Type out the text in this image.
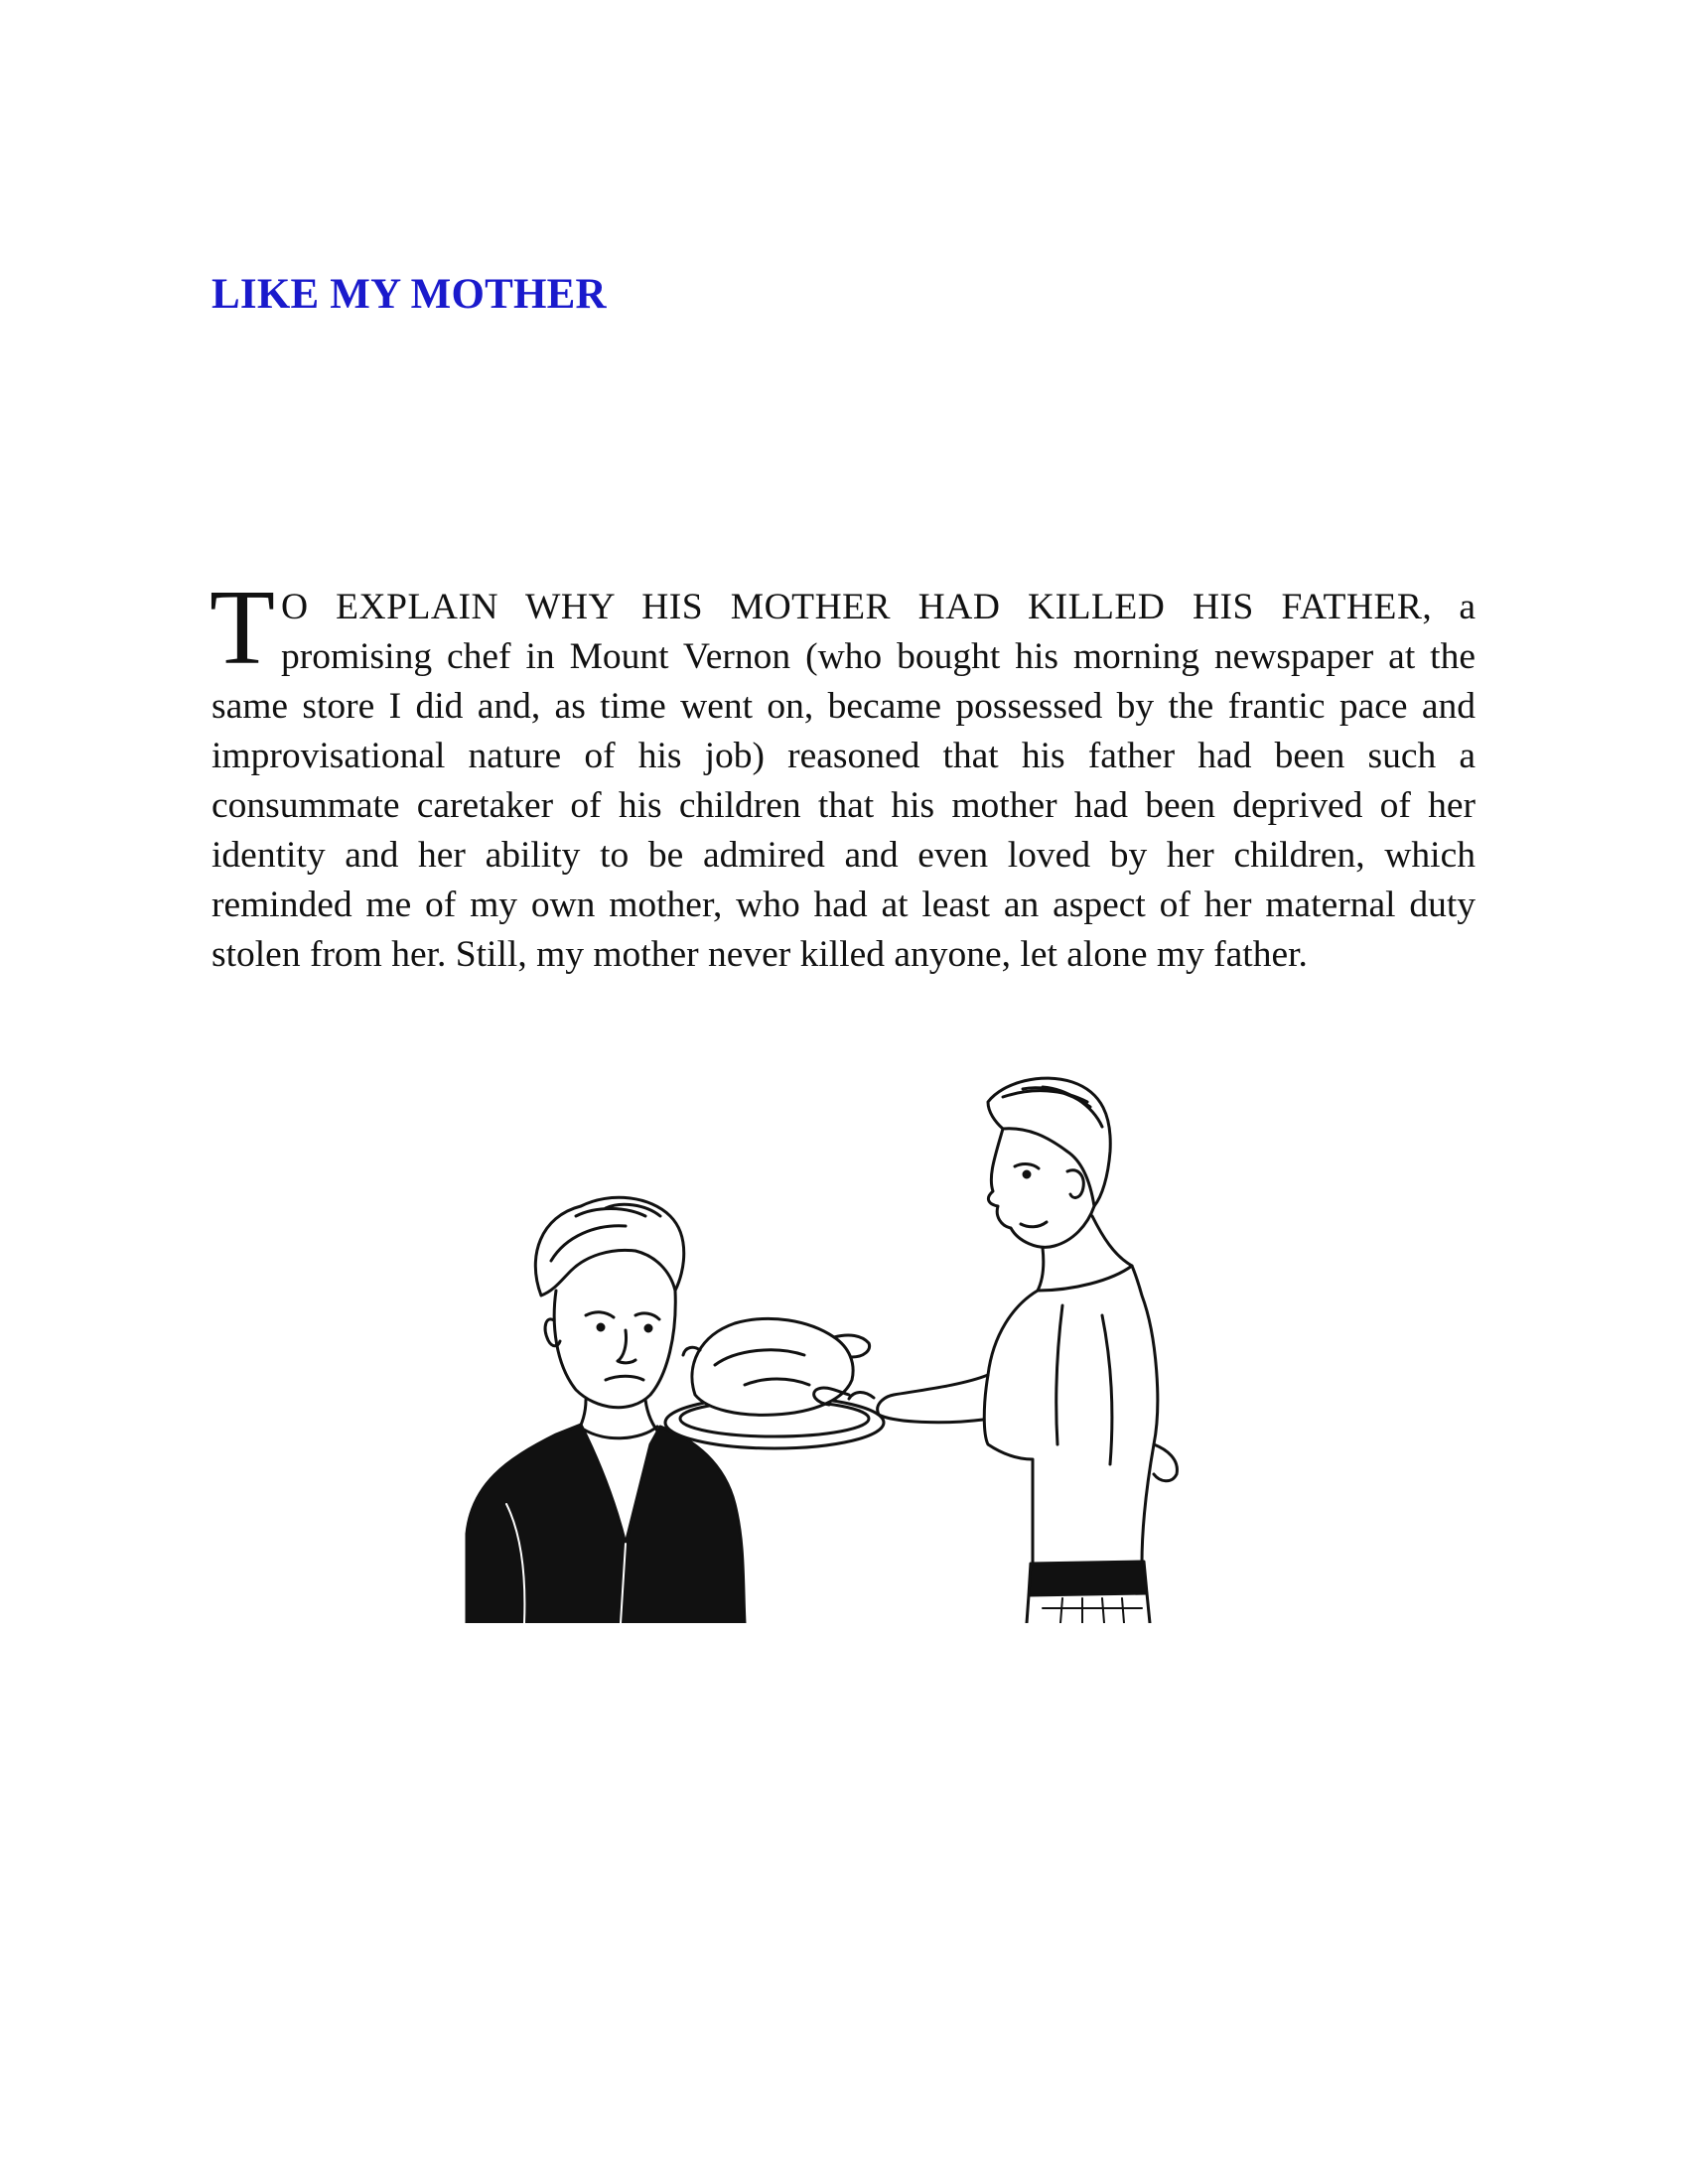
LIKE MY MOTHER

T O EXPLAIN WHY HIS MOTHER HAD KILLED HIS FATHER, a promising chef in Mount Vernon (who bought his morning newspaper at the same store I did and, as time went on, became possessed by the frantic pace and improvisational nature of his job) reasoned that his father had been such a consummate caretaker of his children that his mother had been deprived of her identity and her ability to be admired and even loved by her children, which reminded me of my own mother, who had at least an aspect of her maternal duty stolen from her. Still, my mother never killed anyone, let alone my father.
